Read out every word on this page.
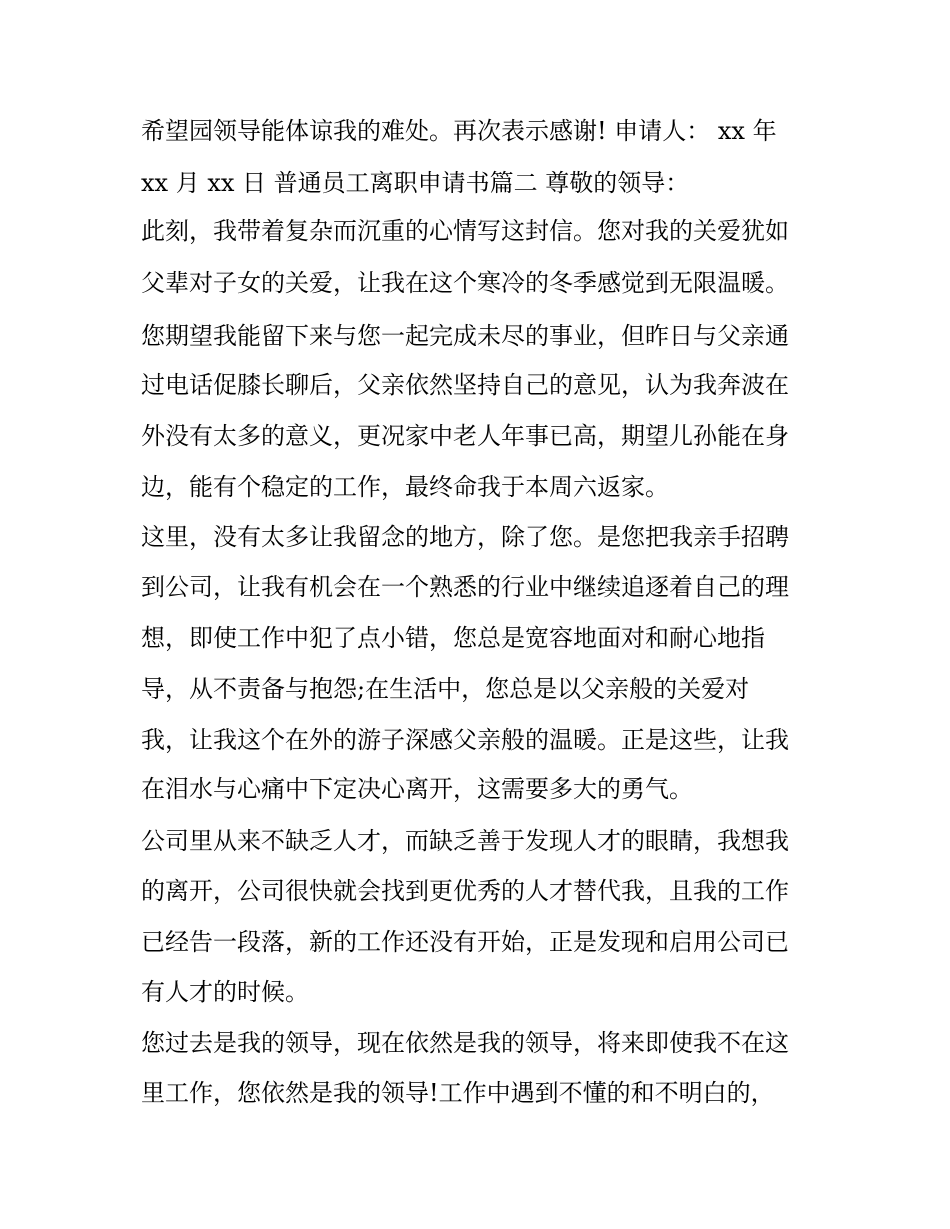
希望园领导能体谅我的难处。再次表示感谢! 申请人： xx 年

xx 月 xx 日 普通员工离职申请书篇二 尊敬的领导：

此刻，我带着复杂而沉重的心情写这封信。您对我的关爱犹如

父辈对子女的关爱，让我在这个寒冷的冬季感觉到无限温暖。

您期望我能留下来与您一起完成未尽的事业，但昨日与父亲通

过电话促膝长聊后，父亲依然坚持自己的意见，认为我奔波在

外没有太多的意义，更况家中老人年事已高，期望儿孙能在身

边，能有个稳定的工作，最终命我于本周六返家。

这里，没有太多让我留念的地方，除了您。是您把我亲手招聘

到公司，让我有机会在一个熟悉的行业中继续追逐着自己的理

想，即使工作中犯了点小错，您总是宽容地面对和耐心地指

导，从不责备与抱怨;在生活中，您总是以父亲般的关爱对

我，让我这个在外的游子深感父亲般的温暖。正是这些，让我

在泪水与心痛中下定决心离开，这需要多大的勇气。

公司里从来不缺乏人才，而缺乏善于发现人才的眼睛，我想我

的离开，公司很快就会找到更优秀的人才替代我，且我的工作

已经告一段落，新的工作还没有开始，正是发现和启用公司已

有人才的时候。

您过去是我的领导，现在依然是我的领导，将来即使我不在这

里工作，您依然是我的领导!工作中遇到不懂的和不明白的，
